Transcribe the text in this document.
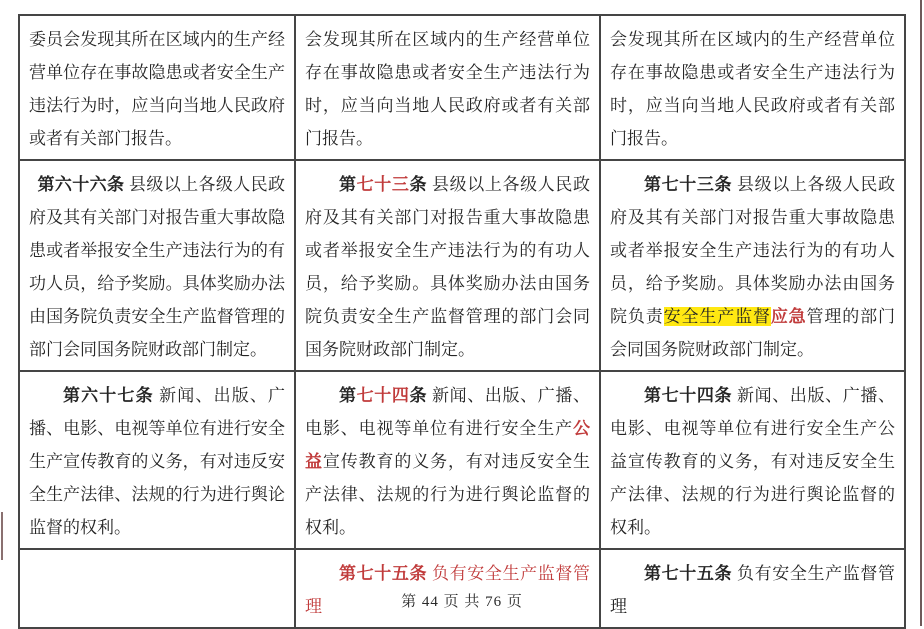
委员会发现其所在区域内的生产经营单位存在事故隐患或者安全生产违法行为时，应当向当地人民政府或者有关部门报告。

会发现其所在区域内的生产经营单位存在事故隐患或者安全生产违法行为时，应当向当地人民政府或者有关部门报告。

会发现其所在区域内的生产经营单位存在事故隐患或者安全生产违法行为时，应当向当地人民政府或者有关部门报告。

第六十六条 县级以上各级人民政府及其有关部门对报告重大事故隐患或者举报安全生产违法行为的有功人员，给予奖励。具体奖励办法由国务院负责安全生产监督管理的部门会同国务院财政部门制定。

第七十三条 县级以上各级人民政府及其有关部门对报告重大事故隐患或者举报安全生产违法行为的有功人员，给予奖励。具体奖励办法由国务院负责安全生产监督管理的部门会同国务院财政部门制定。

第七十三条 县级以上各级人民政府及其有关部门对报告重大事故隐患或者举报安全生产违法行为的有功人员，给予奖励。具体奖励办法由国务院负责安全生产监督应急管理的部门会同国务院财政部门制定。

第六十七条 新闻、出版、广播、电影、电视等单位有进行安全生产宣传教育的义务，有对违反安全生产法律、法规的行为进行舆论监督的权利。

第七十四条 新闻、出版、广播、电影、电视等单位有进行安全生产公益宣传教育的义务，有对违反安全生产法律、法规的行为进行舆论监督的权利。

第七十四条 新闻、出版、广播、电影、电视等单位有进行安全生产公益宣传教育的义务，有对违反安全生产法律、法规的行为进行舆论监督的权利。

第七十五条 负有安全生产监督管理

第七十五条 负有安全生产监督管理

第 44 页 共 76 页
